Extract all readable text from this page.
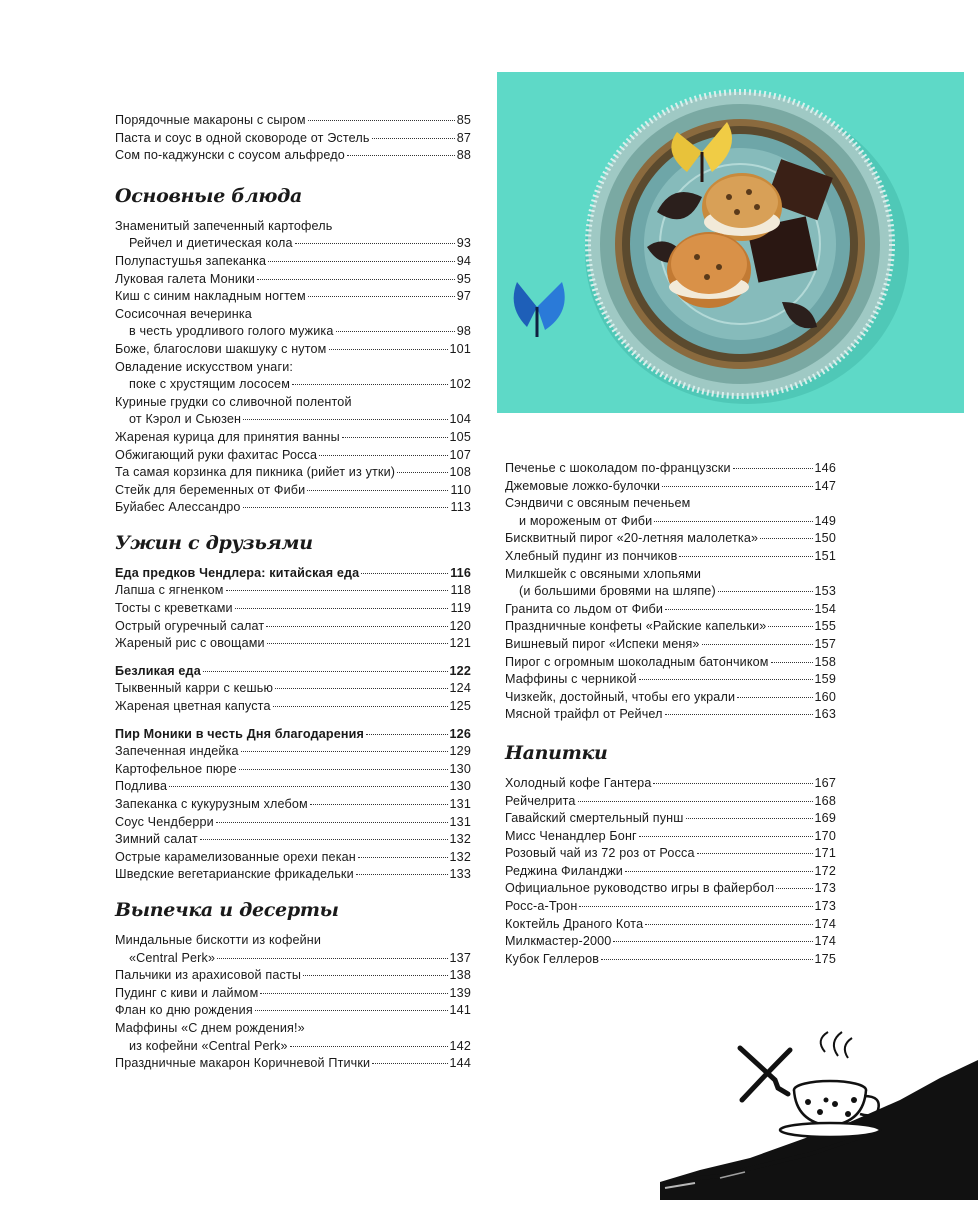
Порядочные макароны с сыром	85
Паста и соус в одной сковороде от Эстель	87
Сом по-каджунски с соусом альфредо	88
Основные блюда
Знаменитый запеченный картофель
Рейчел и диетическая кола	93
Полупастушья запеканка	94
Луковая галета Моники	95
Киш с синим накладным ногтем	97
Сосисочная вечеринка
в честь уродливого голого мужика	98
Боже, благослови шакшуку с нутом	101
Овладение искусством унаги:
поке с хрустящим лососем	102
Куриные грудки со сливочной полентой
от Кэрол и Сьюзен	104
Жареная курица для принятия ванны	105
Обжигающий руки фахитас Росса	107
Та самая корзинка для пикника (рийет из утки)	108
Стейк для беременных от Фиби	110
Буйабес Алессандро	113
Ужин с друзьями
Еда предков Чендлера: китайская еда	116
Лапша с ягненком	118
Тосты с креветками	119
Острый огуречный салат	120
Жареный рис с овощами	121
Безликая еда	122
Тыквенный карри с кешью	124
Жареная цветная капуста	125
Пир Моники в честь Дня благодарения	126
Запеченная индейка	129
Картофельное пюре	130
Подлива	130
Запеканка с кукурузным хлебом	131
Соус Чендберри	131
Зимний салат	132
Острые карамелизованные орехи пекан	132
Шведские вегетарианские фрикадельки	133
Выпечка и десерты
Миндальные бискотти из кофейни
«Central Perk»	137
Пальчики из арахисовой пасты	138
Пудинг с киви и лаймом	139
Флан ко дню рождения	141
Маффины «С днем рождения!»
из кофейни «Central Perk»	142
Праздничные макарон Коричневой Птички	144
Печенье с шоколадом по-французски	146
Джемовые ложко-булочки	147
Сэндвичи с овсяным печеньем
и мороженым от Фиби	149
Бисквитный пирог «20-летняя малолетка»	150
Хлебный пудинг из пончиков	151
Милкшейк с овсяными хлопьями
(и большими бровями на шляпе)	153
Гранита со льдом от Фиби	154
Праздничные конфеты «Райские капельки»	155
Вишневый пирог «Испеки меня»	157
Пирог с огромным шоколадным батончиком	158
Маффины с черникой	159
Чизкейк, достойный, чтобы его украли	160
Мясной трайфл от Рейчел	163
Напитки
Холодный кофе Гантера	167
Рейчелрита	168
Гавайский смертельный пунш	169
Мисс Ченандлер Бонг	170
Розовый чай из 72 роз от Росса	171
Реджина Филанджи	172
Официальное руководство игры в файербол	173
Росс-а-Трон	173
Коктейль Драного Кота	174
Милкмастер-2000	174
Кубок Геллеров	175
